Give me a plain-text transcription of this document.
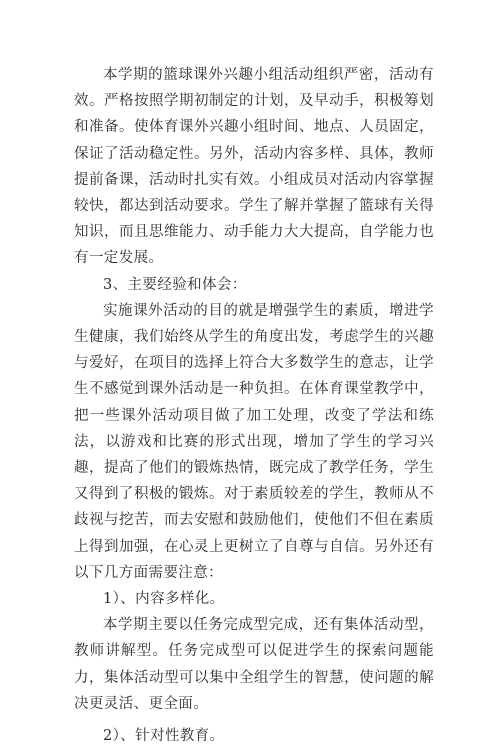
本学期的篮球课外兴趣小组活动组织严密，活动有效。严格按照学期初制定的计划，及早动手，积极筹划和准备。使体育课外兴趣小组时间、地点、人员固定，保证了活动稳定性。另外，活动内容多样、具体，教师提前备课，活动时扎实有效。小组成员对活动内容掌握较快，都达到活动要求。学生了解并掌握了篮球有关得知识，而且思维能力、动手能力大大提高，自学能力也有一定发展。

3、主要经验和体会：

实施课外活动的目的就是增强学生的素质，增进学生健康，我们始终从学生的角度出发，考虑学生的兴趣与爱好，在项目的选择上符合大多数学生的意志，让学生不感觉到课外活动是一种负担。在体育课堂教学中，把一些课外活动项目做了加工处理，改变了学法和练法，以游戏和比赛的形式出现，增加了学生的学习兴趣，提高了他们的锻炼热情，既完成了教学任务，学生又得到了积极的锻炼。对于素质较差的学生，教师从不歧视与挖苦，而去安慰和鼓励他们，使他们不但在素质上得到加强，在心灵上更树立了自尊与自信。另外还有以下几方面需要注意：

1）、内容多样化。

本学期主要以任务完成型完成，还有集体活动型，教师讲解型。任务完成型可以促进学生的探索问题能力，集体活动型可以集中全组学生的智慧，使问题的解决更灵活、更全面。

2）、针对性教育。
